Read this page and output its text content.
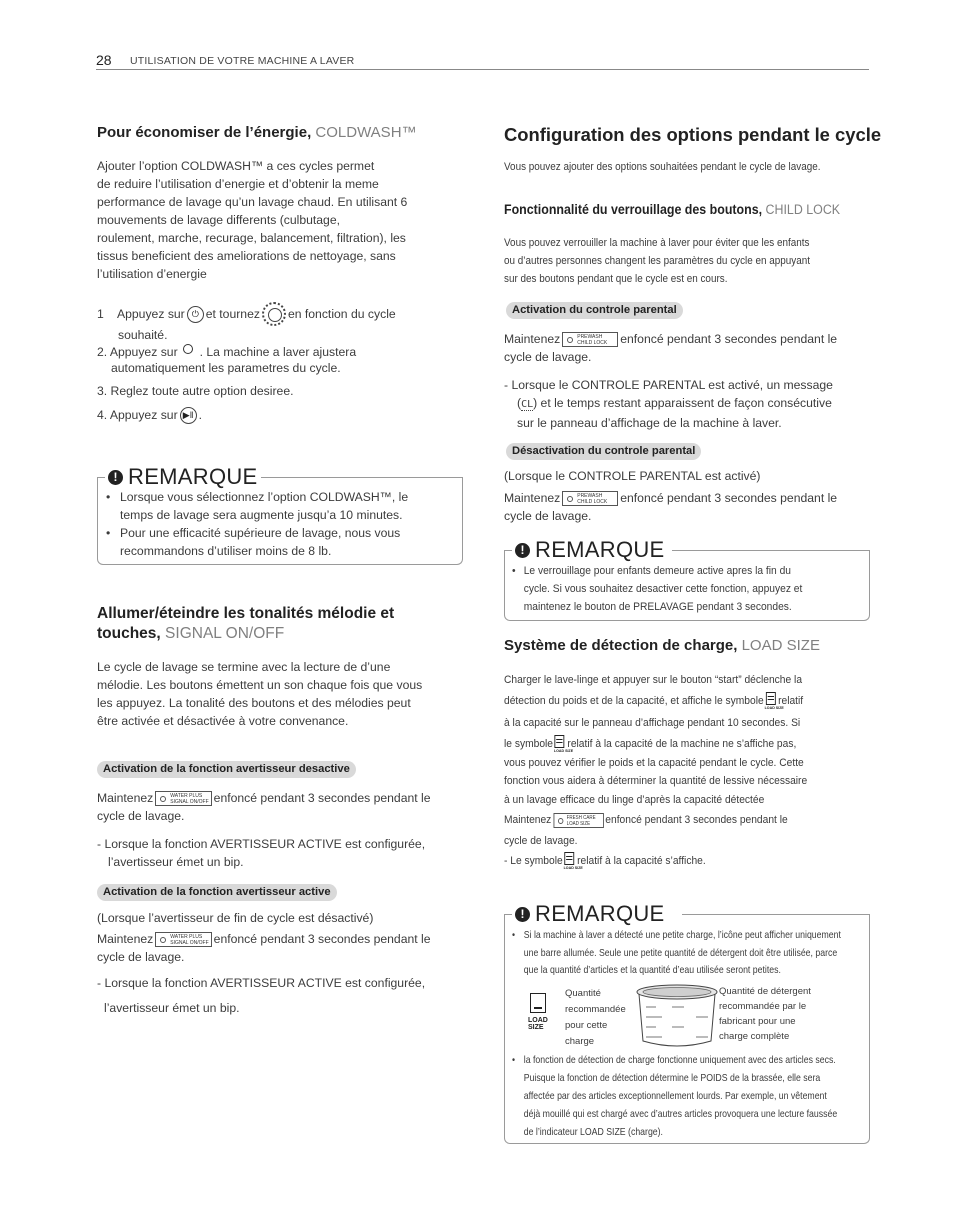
28 UTILISATION DE VOTRE MACHINE A LAVER
Pour économiser de l’énergie, COLDWASH™
Ajouter l’option COLDWASH™ a ces cycles permet
de reduire l’utilisation d’energie et d’obtenir la meme
performance de lavage qu’un lavage chaud. En utilisant 6
mouvements de lavage differents (culbutage,
roulement, marche, recurage, balancement, filtration), les
tissus beneficient des ameliorations de nettoyage, sans
l’utilisation d’energie
1	Appuyez sur ⏻ et tournez en fonction du cycle
souhaité.
2. Appuyez sur . La machine a laver ajustera
automatiquement les parametres du cycle.
3. Reglez toute autre option desiree.
4. Appuyez sur ▶‖ .
! REMARQUE
• Lorsque vous sélectionnez l’option COLDWASH™, le
temps de lavage sera augmente jusqu’a 10 minutes.
• Pour une efficacité supérieure de lavage, nous vous
recommandons d’utiliser moins de 8 lb.
Allumer/éteindre les tonalités mélodie et
touches, SIGNAL ON/OFF
Le cycle de lavage se termine avec la lecture de d’une
mélodie. Les boutons émettent un son chaque fois que vous
les appuyez. La tonalité des boutons et des mélodies peut
être activée et désactivée à votre convenance.
Activation de la fonction avertisseur desactive
Maintenez	WATER PLUS
SIGNAL ON/OFF enfoncé pendant 3 secondes pendant le
cycle de lavage.
- Lorsque la fonction AVERTISSEUR ACTIVE est configurée,
l’avertisseur émet un bip.
Activation de la fonction avertisseur active
(Lorsque l’avertisseur de fin de cycle est désactivé)
Maintenez	WATER PLUS
SIGNAL ON/OFF enfoncé pendant 3 secondes pendant le
cycle de lavage.
- Lorsque la fonction AVERTISSEUR ACTIVE est configurée,
l’avertisseur émet un bip.
Configuration des options pendant le cycle
Vous pouvez ajouter des options souhaitées pendant le cycle de lavage.
Fonctionnalité du verrouillage des boutons, CHILD LOCK
Vous pouvez verrouiller la machine à laver pour éviter que les enfants
ou d’autres personnes changent les paramètres du cycle en appuyant
sur des boutons pendant que le cycle est en cours.
Activation du controle parental
Maintenez	PREWASH
CHILD LOCK	enfoncé pendant 3 secondes pendant le
cycle de lavage.
- Lorsque le CONTROLE PARENTAL est activé, un message
(CL) et le temps restant apparaissent de façon consécutive
sur le panneau d’affichage de la machine à laver.
Désactivation du controle parental
(Lorsque le CONTROLE PARENTAL est activé)
Maintenez	PREWASH
CHILD LOCK	enfoncé pendant 3 secondes pendant le
cycle de lavage.
! REMARQUE
• Le verrouillage pour enfants demeure active apres la fin du
cycle. Si vous souhaitez desactiver cette fonction, appuyez et
maintenez le bouton de PRELAVAGE pendant 3 secondes.
Système de détection de charge, LOAD SIZE
Charger le lave-linge et appuyer sur le bouton “start” déclenche la
détection du poids et de la capacité, et affiche le symbole
LOAD SIZE
relatif
à la capacité sur le panneau d’affichage pendant 10 secondes. Si
le symbole
LOAD SIZE
relatif à la capacité de la machine ne s’affiche pas,
vous pouvez vérifier le poids et la capacité pendant le cycle. Cette
fonction vous aidera à déterminer la quantité de lessive nécessaire
à un lavage efficace du linge d’après la capacité détectée
Maintenez	FRESH CARE
LOAD SIZE	enfoncé pendant 3 secondes pendant le
cycle de lavage.
- Le symbole
LOAD SIZE
relatif à la capacité s’affiche.
! REMARQUE
• Si la machine à laver a détecté une petite charge, l’icône peut afficher uniquement
une barre allumée. Seule une petite quantité de détergent doit être utilisée, parce
que la quantité d’articles et la quantité d’eau utilisée seront petites.
LOAD
SIZE
Quantité
recommandée
pour cette
charge
Quantité de détergent
recommandée par le
fabricant pour une
charge complète
• la fonction de détection de charge fonctionne uniquement avec des articles secs.
Puisque la fonction de détection détermine le POIDS de la brassée, elle sera
affectée par des articles exceptionnellement lourds. Par exemple, un vêtement
déjà mouillé qui est chargé avec d’autres articles provoquera une lecture faussée
de l’indicateur LOAD SIZE (charge).
